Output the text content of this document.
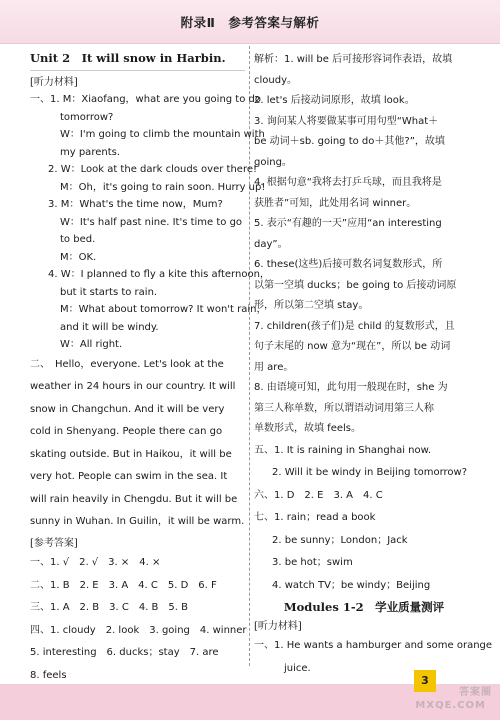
附录Ⅱ　参考答案与解析
Unit 2　It will snow in Harbin.
[听力材料]
一、1. M：Xiaofang，what are you going to do
tomorrow?
W：I'm going to climb the mountain with
my parents.
2. W：Look at the dark clouds over there!
M：Oh，it's going to rain soon. Hurry up!
3. M：What's the time now，Mum?
W：It's half past nine. It's time to go
to bed.
M：OK.
4. W：I planned to fly a kite this afternoon，
but it starts to rain.
M：What about tomorrow? It won't rain，
and it will be windy.
W：All right.
二、　Hello，everyone. Let's look at the
weather in 24 hours in our country. It will
snow in Changchun. And it will be very
cold in Shenyang. People there can go
skating outside. But in Haikou，it will be
very hot. People can swim in the sea. It
will rain heavily in Chengdu. But it will be
sunny in Wuhan. In Guilin，it will be warm.
[参考答案]
一、1. √　2. √　3. ×　4. ×
二、1. B　2. E　3. A　4. C　5. D　6. F
三、1. A　2. B　3. C　4. B　5. B
四、1. cloudy　2. look　3. going　4. winner
5. interesting　6. ducks；stay　7. are
8. feels
解析：1. will be 后可接形容词作表语，故填
cloudy。
2. let's 后接动词原形，故填 look。
3. 询问某人将要做某事可用句型“What＋
be 动词＋sb. going to do＋其他?”，故填
going。
4. 根据句意“我将去打乒乓球，而且我将是
获胜者”可知，此处用名词 winner。
5. 表示“有趣的一天”应用“an interesting
day”。
6. these(这些)后接可数名词复数形式，所
以第一空填 ducks；be going to 后接动词原
形，所以第二空填 stay。
7. children(孩子们)是 child 的复数形式，且
句子末尾的 now 意为“现在”，所以 be 动词
用 are。
8. 由语境可知，此句用一般现在时，she 为
第三人称单数，所以谓语动词用第三人称
单数形式，故填 feels。
五、1. It is raining in Shanghai now.
2. Will it be windy in Beijing tomorrow?
六、1. D　2. E　3. A　4. C
七、1. rain；read a book
2. be sunny；London；Jack
3. be hot；swim
4. watch TV；be windy；Beijing
Modules 1-2　学业质量测评
[听力材料]
一、1. He wants a hamburger and some orange
juice.
3
答案圈
MXQE.COM
